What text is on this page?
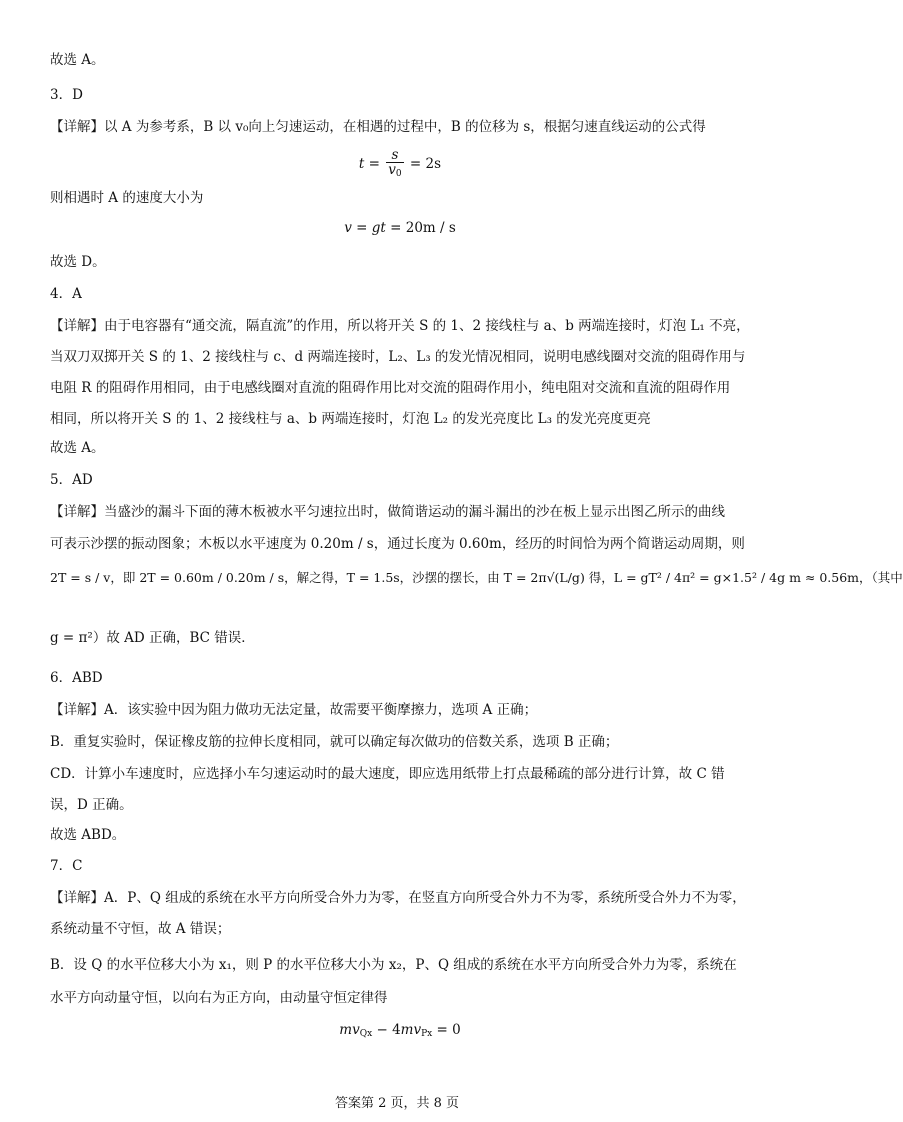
故选 A。
3．D
【详解】以 A 为参考系，B 以 v₀向上匀速运动，在相遇的过程中，B 的位移为 s，根据匀速直线运动的公式得
$t = \frac{s}{v_0} = 2s$
则相遇时 A 的速度大小为
v = gt = 20m / s
故选 D。
4．A
【详解】由于电容器有“通交流，隔直流”的作用，所以将开关 S 的 1、2 接线柱与 a、b 两端连接时，灯泡 L₁ 不亮，
当双刀双掷开关 S 的 1、2 接线柱与 c、d 两端连接时，L₂、L₃ 的发光情况相同，说明电感线圈对交流的阻碍作用与
电阻 R 的阻碍作用相同，由于电感线圈对直流的阻碍作用比对交流的阻碍作用小，纯电阻对交流和直流的阻碍作用
相同，所以将开关 S 的 1、2 接线柱与 a、b 两端连接时，灯泡 L₂ 的发光亮度比 L₃ 的发光亮度更亮
故选 A。
5．AD
【详解】当盛沙的漏斗下面的薄木板被水平匀速拉出时，做简谐运动的漏斗漏出的沙在板上显示出图乙所示的曲线
可表示沙摆的振动图象；木板以水平速度为 0.20m / s，通过长度为 0.60m，经历的时间恰为两个简谐运动周期，则
2T = s / v，即 2T = 0.60m / 0.20m / s，解之得，T = 1.5s，沙摆的摆长，由 T = 2π√(L/g) 得，L = gT² / 4π² = g×1.5² / 4g m ≈ 0.56m，（其中
g = π²）故 AD 正确，BC 错误．
6．ABD
【详解】A．该实验中因为阻力做功无法定量，故需要平衡摩擦力，选项 A 正确；
B．重复实验时，保证橡皮筋的拉伸长度相同，就可以确定每次做功的倍数关系，选项 B 正确；
CD．计算小车速度时，应选择小车匀速运动时的最大速度，即应选用纸带上打点最稀疏的部分进行计算，故 C 错
误，D 正确。
故选 ABD。
7．C
【详解】A．P、Q 组成的系统在水平方向所受合外力为零，在竖直方向所受合外力不为零，系统所受合外力不为零，
系统动量不守恒，故 A 错误；
B．设 Q 的水平位移大小为 x₁，则 P 的水平位移大小为 x₂，P、Q 组成的系统在水平方向所受合外力为零，系统在
水平方向动量守恒，以向右为正方向，由动量守恒定律得
$mv_{Qx} - 4mv_{Px} = 0$
答案第 2 页，共 8 页
